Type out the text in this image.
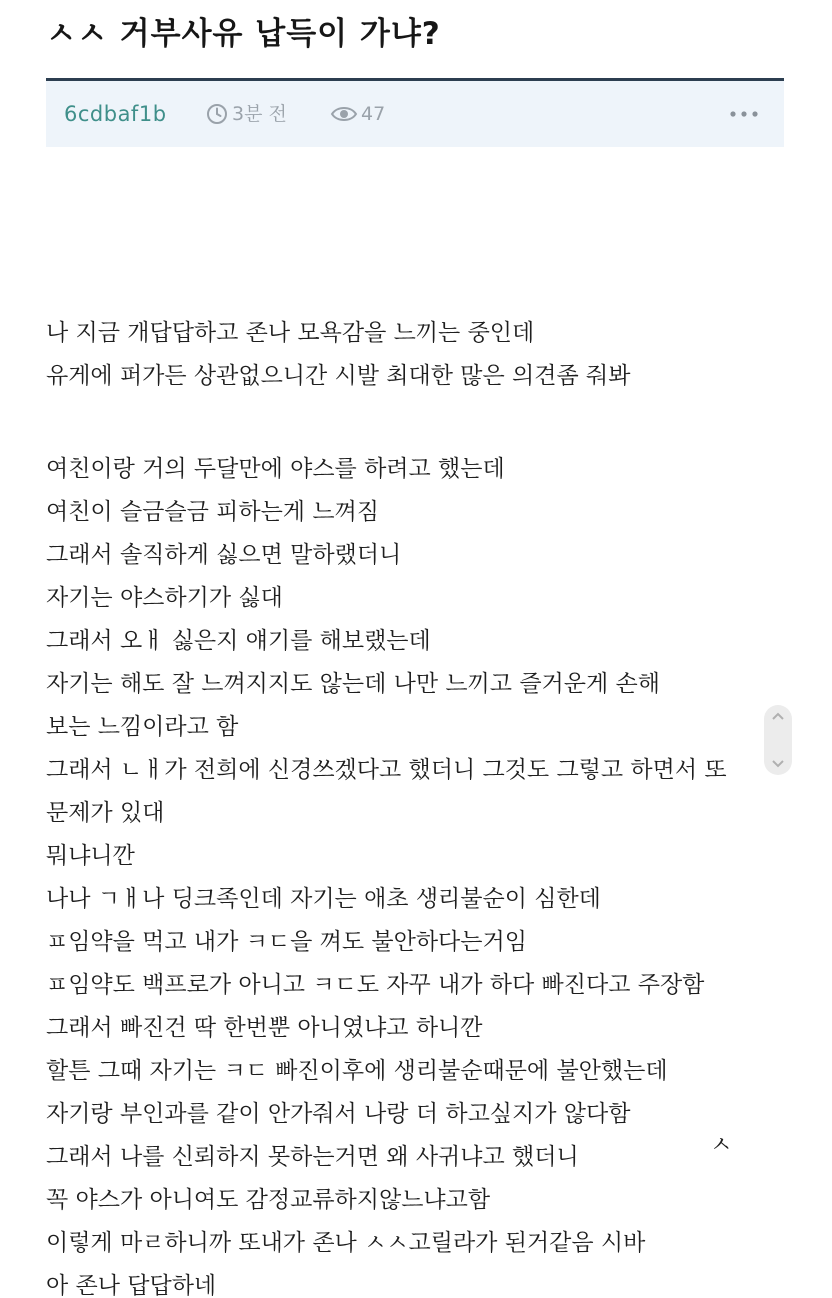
ㅅㅅ 거부사유 납득이 가냐?
6cdbaf1b	3분 전	47
나 지금 개답답하고 존나 모욕감을 느끼는 중인데
유게에 퍼가든 상관없으니간 시발 최대한 많은 의견좀 줘봐
여친이랑 거의 두달만에 야스를 하려고 했는데
여친이 슬금슬금 피하는게 느껴짐
그래서 솔직하게 싫으면 말하랬더니
자기는 야스하기가 싫대
그래서 오ㅐ 싫은지 얘기를 해보랬는데
자기는 해도 잘 느껴지지도 않는데 나만 느끼고 즐거운게 손해
보는 느낌이라고 함
그래서 ㄴㅐ가 전희에 신경쓰겠다고 했더니 그것도 그렇고 하면서 또
문제가 있대
뭐냐니깐
나나 ㄱㅐ나 딩크족인데 자기는 애초 생리불순이 심한데
ㅍ임약을 먹고 내가 ㅋㄷ을 껴도 불안하다는거임
ㅍ임약도 백프로가 아니고 ㅋㄷ도 자꾸 내가 하다 빠진다고 주장함
그래서 빠진건 딱 한번뿐 아니였냐고 하니깐
할튼 그때 자기는 ㅋㄷ 빠진이후에 생리불순때문에 불안했는데
자기랑 부인과를 같이 안가줘서 나랑 더 하고싶지가 않다함
그래서 나를 신뢰하지 못하는거면 왜 사귀냐고 했더니
꼭 야스가 아니여도 감정교류하지않느냐고함
이렇게 마ㄹ하니까 또내가 존나 ㅅㅅ고릴라가 된거같음 시바
아 존나 답답하네
ㅅ
